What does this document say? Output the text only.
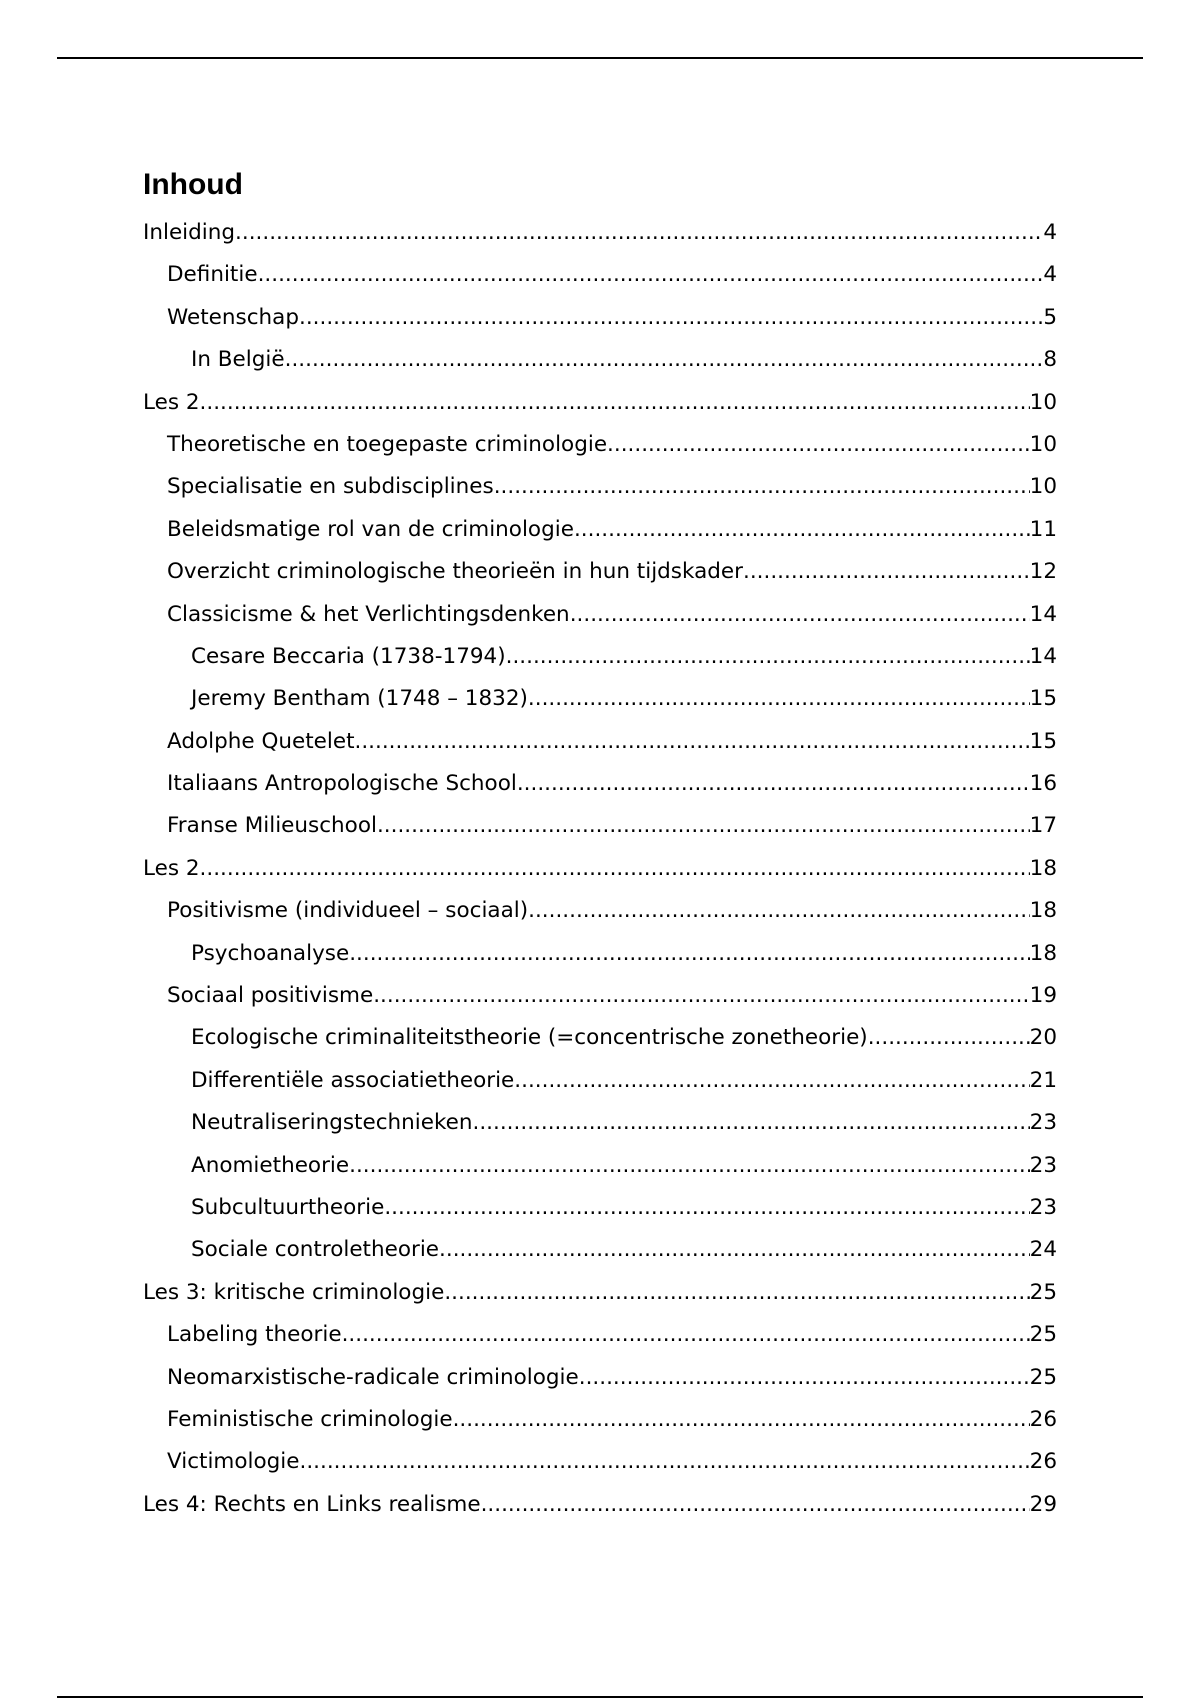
Inhoud
Inleiding .....	4
Definitie .....	4
Wetenschap .....	5
In België .....	8
Les 2 .....	10
Theoretische en toegepaste criminologie .....	10
Specialisatie en subdisciplines .....	10
Beleidsmatige rol van de criminologie .....	11
Overzicht criminologische theorieën in hun tijdskader .....	12
Classicisme & het Verlichtingsdenken .....	14
Cesare Beccaria (1738-1794) .....	14
Jeremy Bentham (1748 – 1832) .....	15
Adolphe Quetelet .....	15
Italiaans Antropologische School .....	16
Franse Milieuschool .....	17
Les 2 .....	18
Positivisme (individueel – sociaal) .....	18
Psychoanalyse .....	18
Sociaal positivisme .....	19
Ecologische criminaliteitstheorie (=concentrische zonetheorie) .....	20
Differentiële associatietheorie .....	21
Neutraliseringstechnieken .....	23
Anomietheorie .....	23
Subcultuurtheorie .....	23
Sociale controletheorie .....	24
Les 3: kritische criminologie .....	25
Labeling theorie .....	25
Neomarxistische-radicale criminologie .....	25
Feministische criminologie .....	26
Victimologie .....	26
Les 4: Rechts en Links realisme .....	29
